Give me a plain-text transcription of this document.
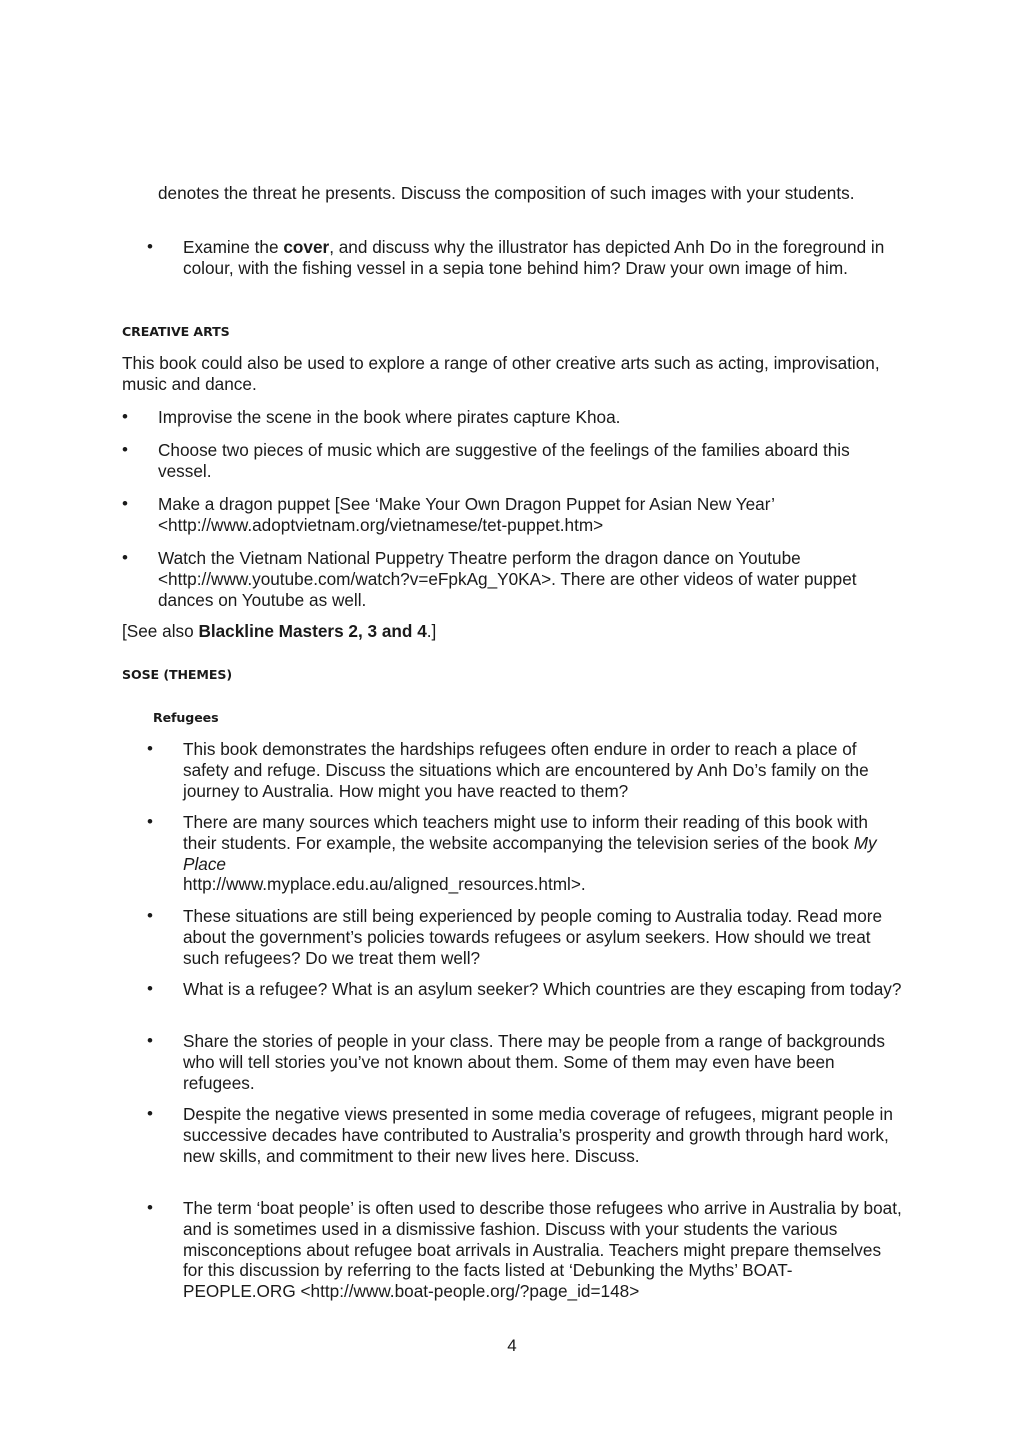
denotes the threat he presents. Discuss the composition of such images with your students.

• Examine the cover, and discuss why the illustrator has depicted Anh Do in the foreground in colour, with the fishing vessel in a sepia tone behind him? Draw your own image of him.

CREATIVE ARTS

This book could also be used to explore a range of other creative arts such as acting, improvisation, music and dance.

• Improvise the scene in the book where pirates capture Khoa.

• Choose two pieces of music which are suggestive of the feelings of the families aboard this vessel.

• Make a dragon puppet [See ‘Make Your Own Dragon Puppet for Asian New Year’ <http://www.adoptvietnam.org/vietnamese/tet-puppet.htm>

• Watch the Vietnam National Puppetry Theatre perform the dragon dance on Youtube <http://www.youtube.com/watch?v=eFpkAg_Y0KA>. There are other videos of water puppet dances on Youtube as well.

[See also Blackline Masters 2, 3 and 4.]

SOSE (THEMES)
Refugees
• This book demonstrates the hardships refugees often endure in order to reach a place of safety and refuge. Discuss the situations which are encountered by Anh Do’s family on the journey to Australia. How might you have reacted to them?

• There are many sources which teachers might use to inform their reading of this book with their students. For example, the website accompanying the television series of the book My Place
http://www.myplace.edu.au/aligned_resources.html>.

• These situations are still being experienced by people coming to Australia today. Read more about the government’s policies towards refugees or asylum seekers. How should we treat such refugees? Do we treat them well?

• What is a refugee? What is an asylum seeker? Which countries are they escaping from today?

• Share the stories of people in your class. There may be people from a range of backgrounds who will tell stories you’ve not known about them. Some of them may even have been refugees.

• Despite the negative views presented in some media coverage of refugees, migrant people in successive decades have contributed to Australia’s prosperity and growth through hard work, new skills, and commitment to their new lives here. Discuss.

• The term ‘boat people’ is often used to describe those refugees who arrive in Australia by boat, and is sometimes used in a dismissive fashion. Discuss with your students the various misconceptions about refugee boat arrivals in Australia. Teachers might prepare themselves for this discussion by referring to the facts listed at ‘Debunking the Myths’ BOAT-PEOPLE.ORG <http://www.boat-people.org/?page_id=148>

4
